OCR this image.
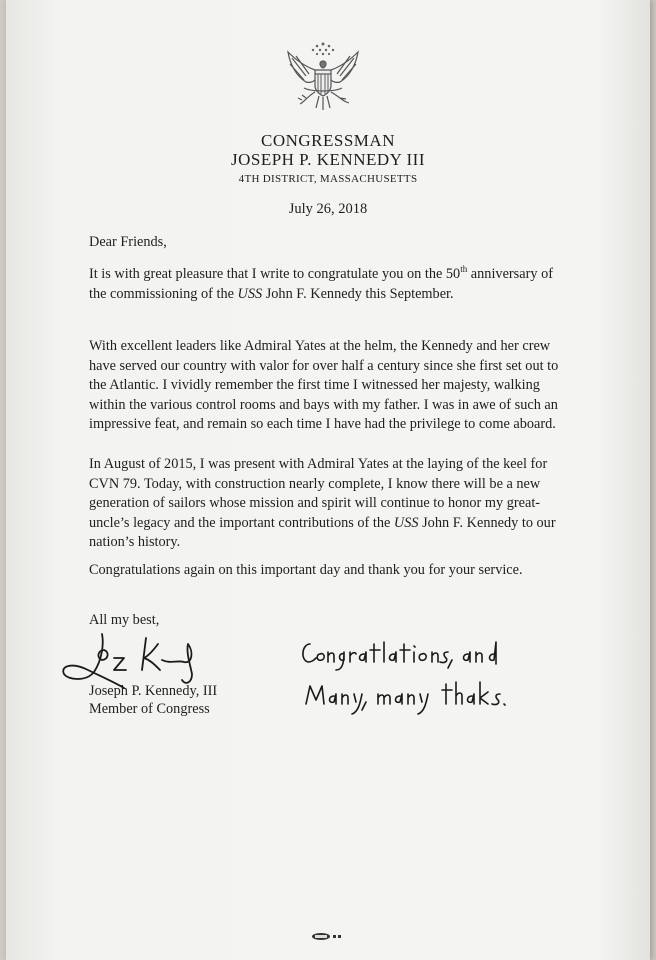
CONGRESSMAN
JOSEPH P. KENNEDY III
4TH DISTRICT, MASSACHUSETTS
July 26, 2018
Dear Friends,

It is with great pleasure that I write to congratulate you on the 50th anniversary of the commissioning of the USS John F. Kennedy this September.

With excellent leaders like Admiral Yates at the helm, the Kennedy and her crew have served our country with valor for over half a century since she first set out to the Atlantic. I vividly remember the first time I witnessed her majesty, walking within the various control rooms and bays with my father. I was in awe of such an impressive feat, and remain so each time I have had the privilege to come aboard.

In August of 2015, I was present with Admiral Yates at the laying of the keel for CVN 79. Today, with construction nearly complete, I know there will be a new generation of sailors whose mission and spirit will continue to honor my great-uncle’s legacy and the important contributions of the USS John F. Kennedy to our nation’s history.

Congratulations again on this important day and thank you for your service.

All my best,
Joseph P. Kennedy, III
Member of Congress
